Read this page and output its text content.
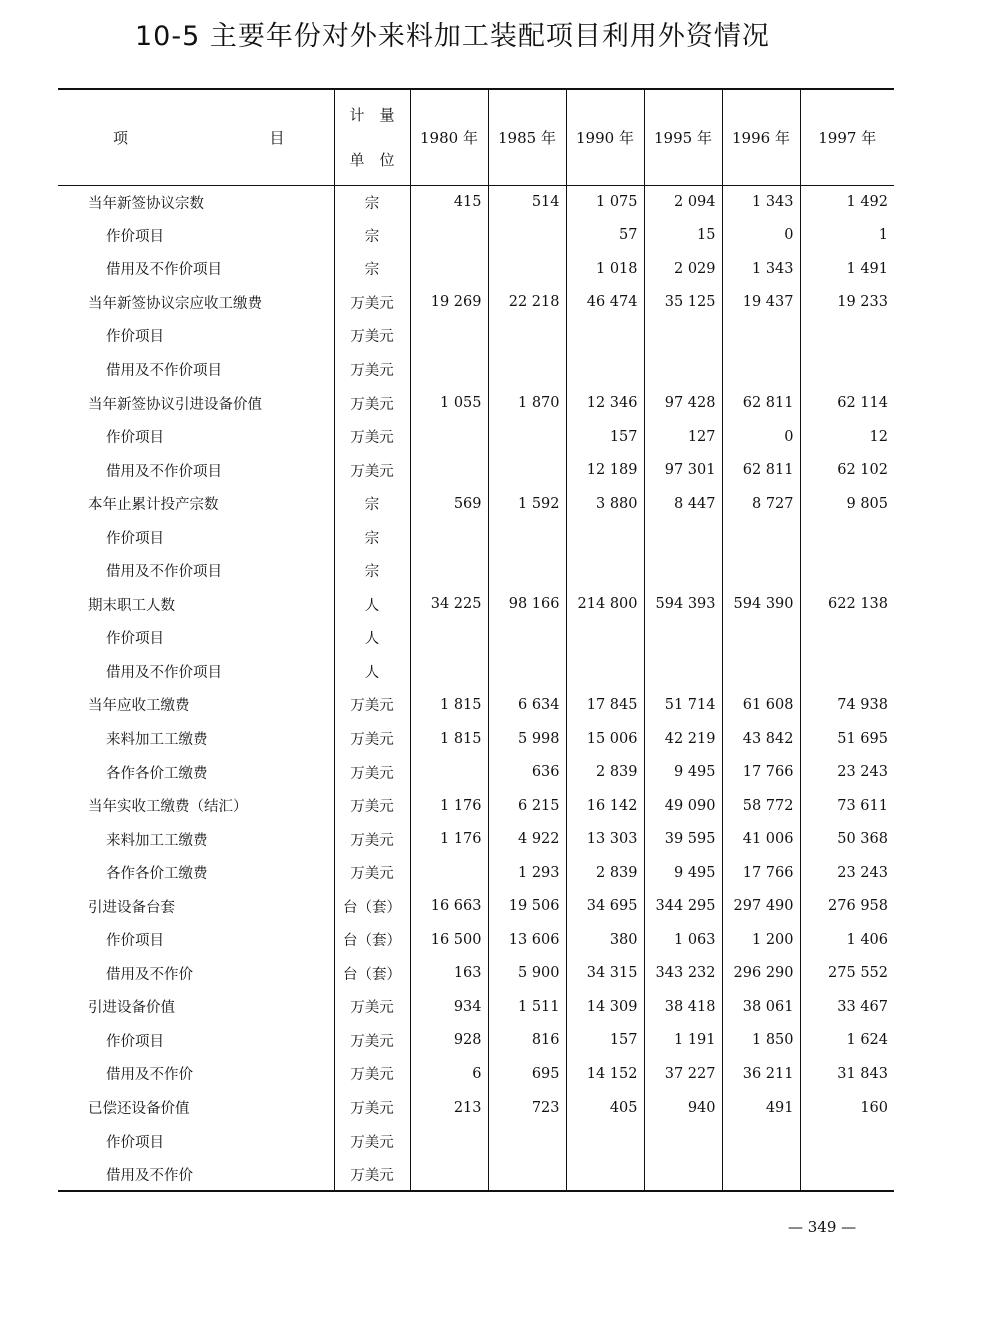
10-5 主要年份对外来料加工装配项目利用外资情况
项 目	计　量
单　位	1980 年	1985 年	1990 年	1995 年	1996 年	1997 年
当年新签协议宗数	宗	415	514	1 075	2 094	1 343	1 492
作价项目	宗			57	15	0	1
借用及不作价项目	宗			1 018	2 029	1 343	1 491
当年新签协议宗应收工缴费	万美元	19 269	22 218	46 474	35 125	19 437	19 233
作价项目	万美元						
借用及不作价项目	万美元						
当年新签协议引进设备价值	万美元	1 055	1 870	12 346	97 428	62 811	62 114
作价项目	万美元			157	127	0	12
借用及不作价项目	万美元			12 189	97 301	62 811	62 102
本年止累计投产宗数	宗	569	1 592	3 880	8 447	8 727	9 805
作价项目	宗						
借用及不作价项目	宗						
期末职工人数	人	34 225	98 166	214 800	594 393	594 390	622 138
作价项目	人						
借用及不作价项目	人						
当年应收工缴费	万美元	1 815	6 634	17 845	51 714	61 608	74 938
来料加工工缴费	万美元	1 815	5 998	15 006	42 219	43 842	51 695
各作各价工缴费	万美元		636	2 839	9 495	17 766	23 243
当年实收工缴费（结汇）	万美元	1 176	6 215	16 142	49 090	58 772	73 611
来料加工工缴费	万美元	1 176	4 922	13 303	39 595	41 006	50 368
各作各价工缴费	万美元		1 293	2 839	9 495	17 766	23 243
引进设备台套	台（套）	16 663	19 506	34 695	344 295	297 490	276 958
作价项目	台（套）	16 500	13 606	380	1 063	1 200	1 406
借用及不作价	台（套）	163	5 900	34 315	343 232	296 290	275 552
引进设备价值	万美元	934	1 511	14 309	38 418	38 061	33 467
作价项目	万美元	928	816	157	1 191	1 850	1 624
借用及不作价	万美元	6	695	14 152	37 227	36 211	31 843
已偿还设备价值	万美元	213	723	405	940	491	160
作价项目	万美元						
借用及不作价	万美元						
— 349 —
